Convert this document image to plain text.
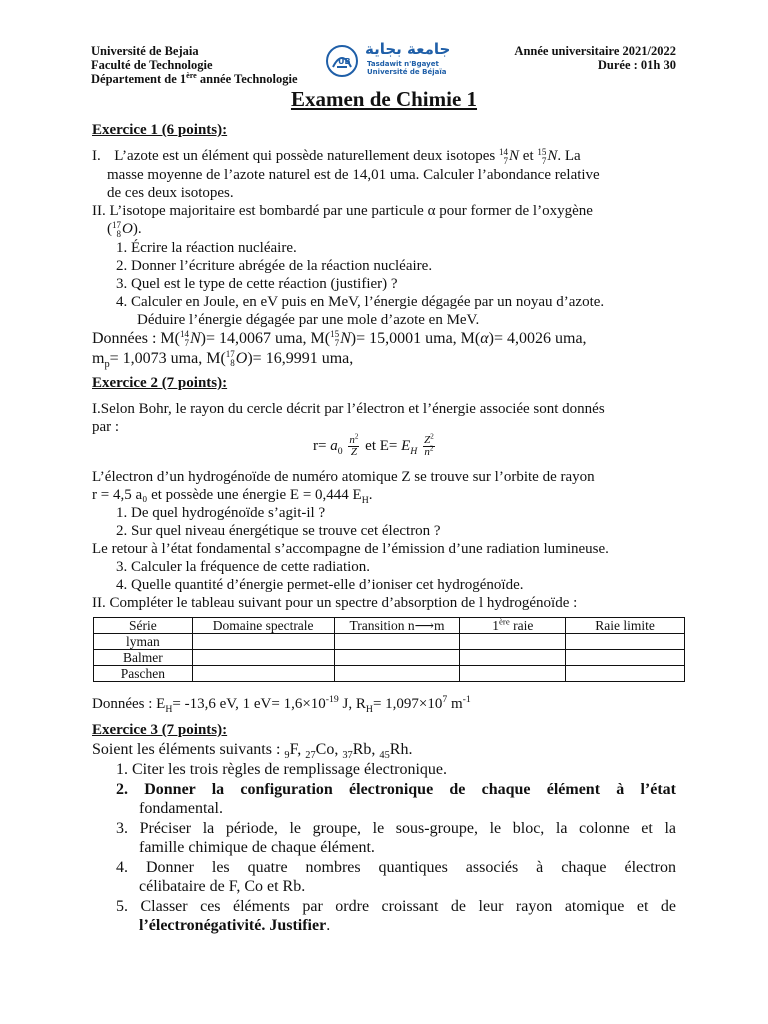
Université de Bejaia
Faculté de Technologie
Département de 1ère année Technologie
UB
جامعة بجاية
Tasdawit n'Bgayet
Université de Béjaïa
Année universitaire 2021/2022
Durée : 01h 30
Examen de Chimie 1
Exercice 1 (6 points):
I. L’azote est un élément qui possède naturellement deux isotopes 14
7 N et 15
7 N. La
masse moyenne de l’azote naturel est de 14,01 uma. Calculer l’abondance relative
de ces deux isotopes.
II. L’isotope majoritaire est bombardé par une particule α pour former de l’oxygène
( 17
8 O).
1. Écrire la réaction nucléaire.
2. Donner l’écriture abrégée de la réaction nucléaire.
3. Quel est le type de cette réaction (justifier) ?
4. Calculer en Joule, en eV puis en MeV, l’énergie dégagée par un noyau d’azote.
Déduire l’énergie dégagée par une mole d’azote en MeV.
Données : M( 14
7 N)= 14,0067 uma, M( 15
7 N)= 15,0001 uma, M(α)= 4,0026 uma,
$m_p= 1,0073$ uma, M( 17
8 O)= 16,9991 uma,
Exercice 2 (7 points):
I.Selon Bohr, le rayon du cercle décrit par l’électron et l’énergie associée sont donnés
par :
$r= a_0 \frac{n^2}{Z}$ et $E= E_H \frac{Z^2}{n^2}$
L’électron d’un hydrogénoïde de numéro atomique Z se trouve sur l’orbite de rayon
r = 4,5 a₀ et possède une énergie E = 0,444 $E_H$.
1. De quel hydrogénoïde s’agit-il ?
2. Sur quel niveau énergétique se trouve cet électron ?
Le retour à l’état fondamental s’accompagne de l’émission d’une radiation lumineuse.
3. Calculer la fréquence de cette radiation.
4. Quelle quantité d’énergie permet-elle d’ioniser cet hydrogénoïde.
II. Compléter le tableau suivant pour un spectre d’absorption de l hydrogénoïde :
Série	Domaine spectrale	Transition n⟶m	1ère raie	Raie limite
lyman				
Balmer				
Paschen				
Données : $E_H= -13,6$ eV, 1 $eV= 1,6\times 10^{-19}$ J, $R_H= 1,097\times 10^7$ $m^{-1}$
Exercice 3 (7 points):
Soient les éléments suivants : $_9$F, $_{27}$Co, $_{37}$Rb, $_{45}$Rh.
1. Citer les trois règles de remplissage électronique.
2. Donner la configuration électronique de chaque élément à l’état
fondamental.
3. Préciser la période, le groupe, le sous-groupe, le bloc, la colonne et la
famille chimique de chaque élément.
4. Donner les quatre nombres quantiques associés à chaque électron
célibataire de F, Co et Rb.
5. Classer ces éléments par ordre croissant de leur rayon atomique et de
l’électronégativité. Justifier.
